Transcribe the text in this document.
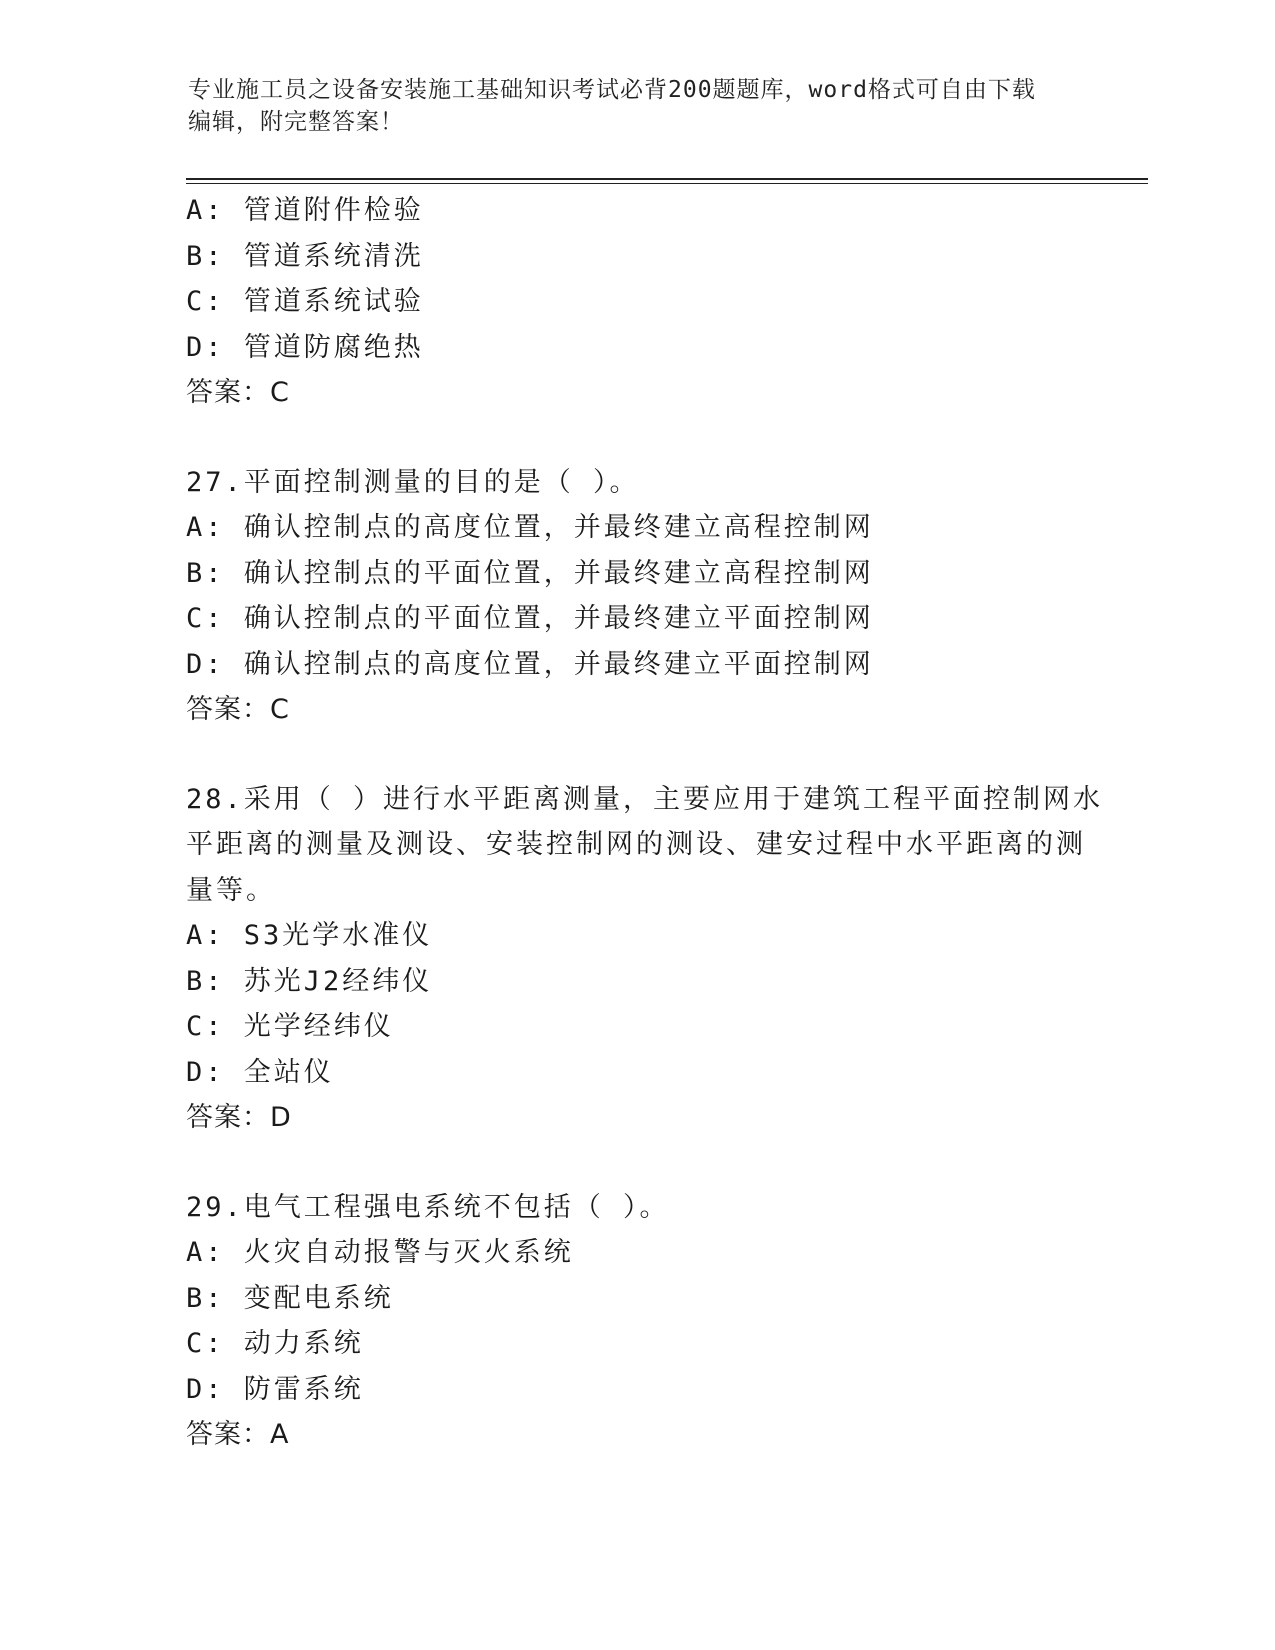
专业施工员之设备安装施工基础知识考试必背200题题库，word格式可自由下载
编辑，附完整答案！
A: 管道附件检验
B: 管道系统清洗
C: 管道系统试验
D: 管道防腐绝热
答案：C
27.平面控制测量的目的是（ ）。
A: 确认控制点的高度位置，并最终建立高程控制网
B: 确认控制点的平面位置，并最终建立高程控制网
C: 确认控制点的平面位置，并最终建立平面控制网
D: 确认控制点的高度位置，并最终建立平面控制网
答案：C
28.采用（ ）进行水平距离测量，主要应用于建筑工程平面控制网水
平距离的测量及测设、安装控制网的测设、建安过程中水平距离的测
量等。
A: S3光学水准仪
B: 苏光J2经纬仪
C: 光学经纬仪
D: 全站仪
答案：D
29.电气工程强电系统不包括（ ）。
A: 火灾自动报警与灭火系统
B: 变配电系统
C: 动力系统
D: 防雷系统
答案：A
